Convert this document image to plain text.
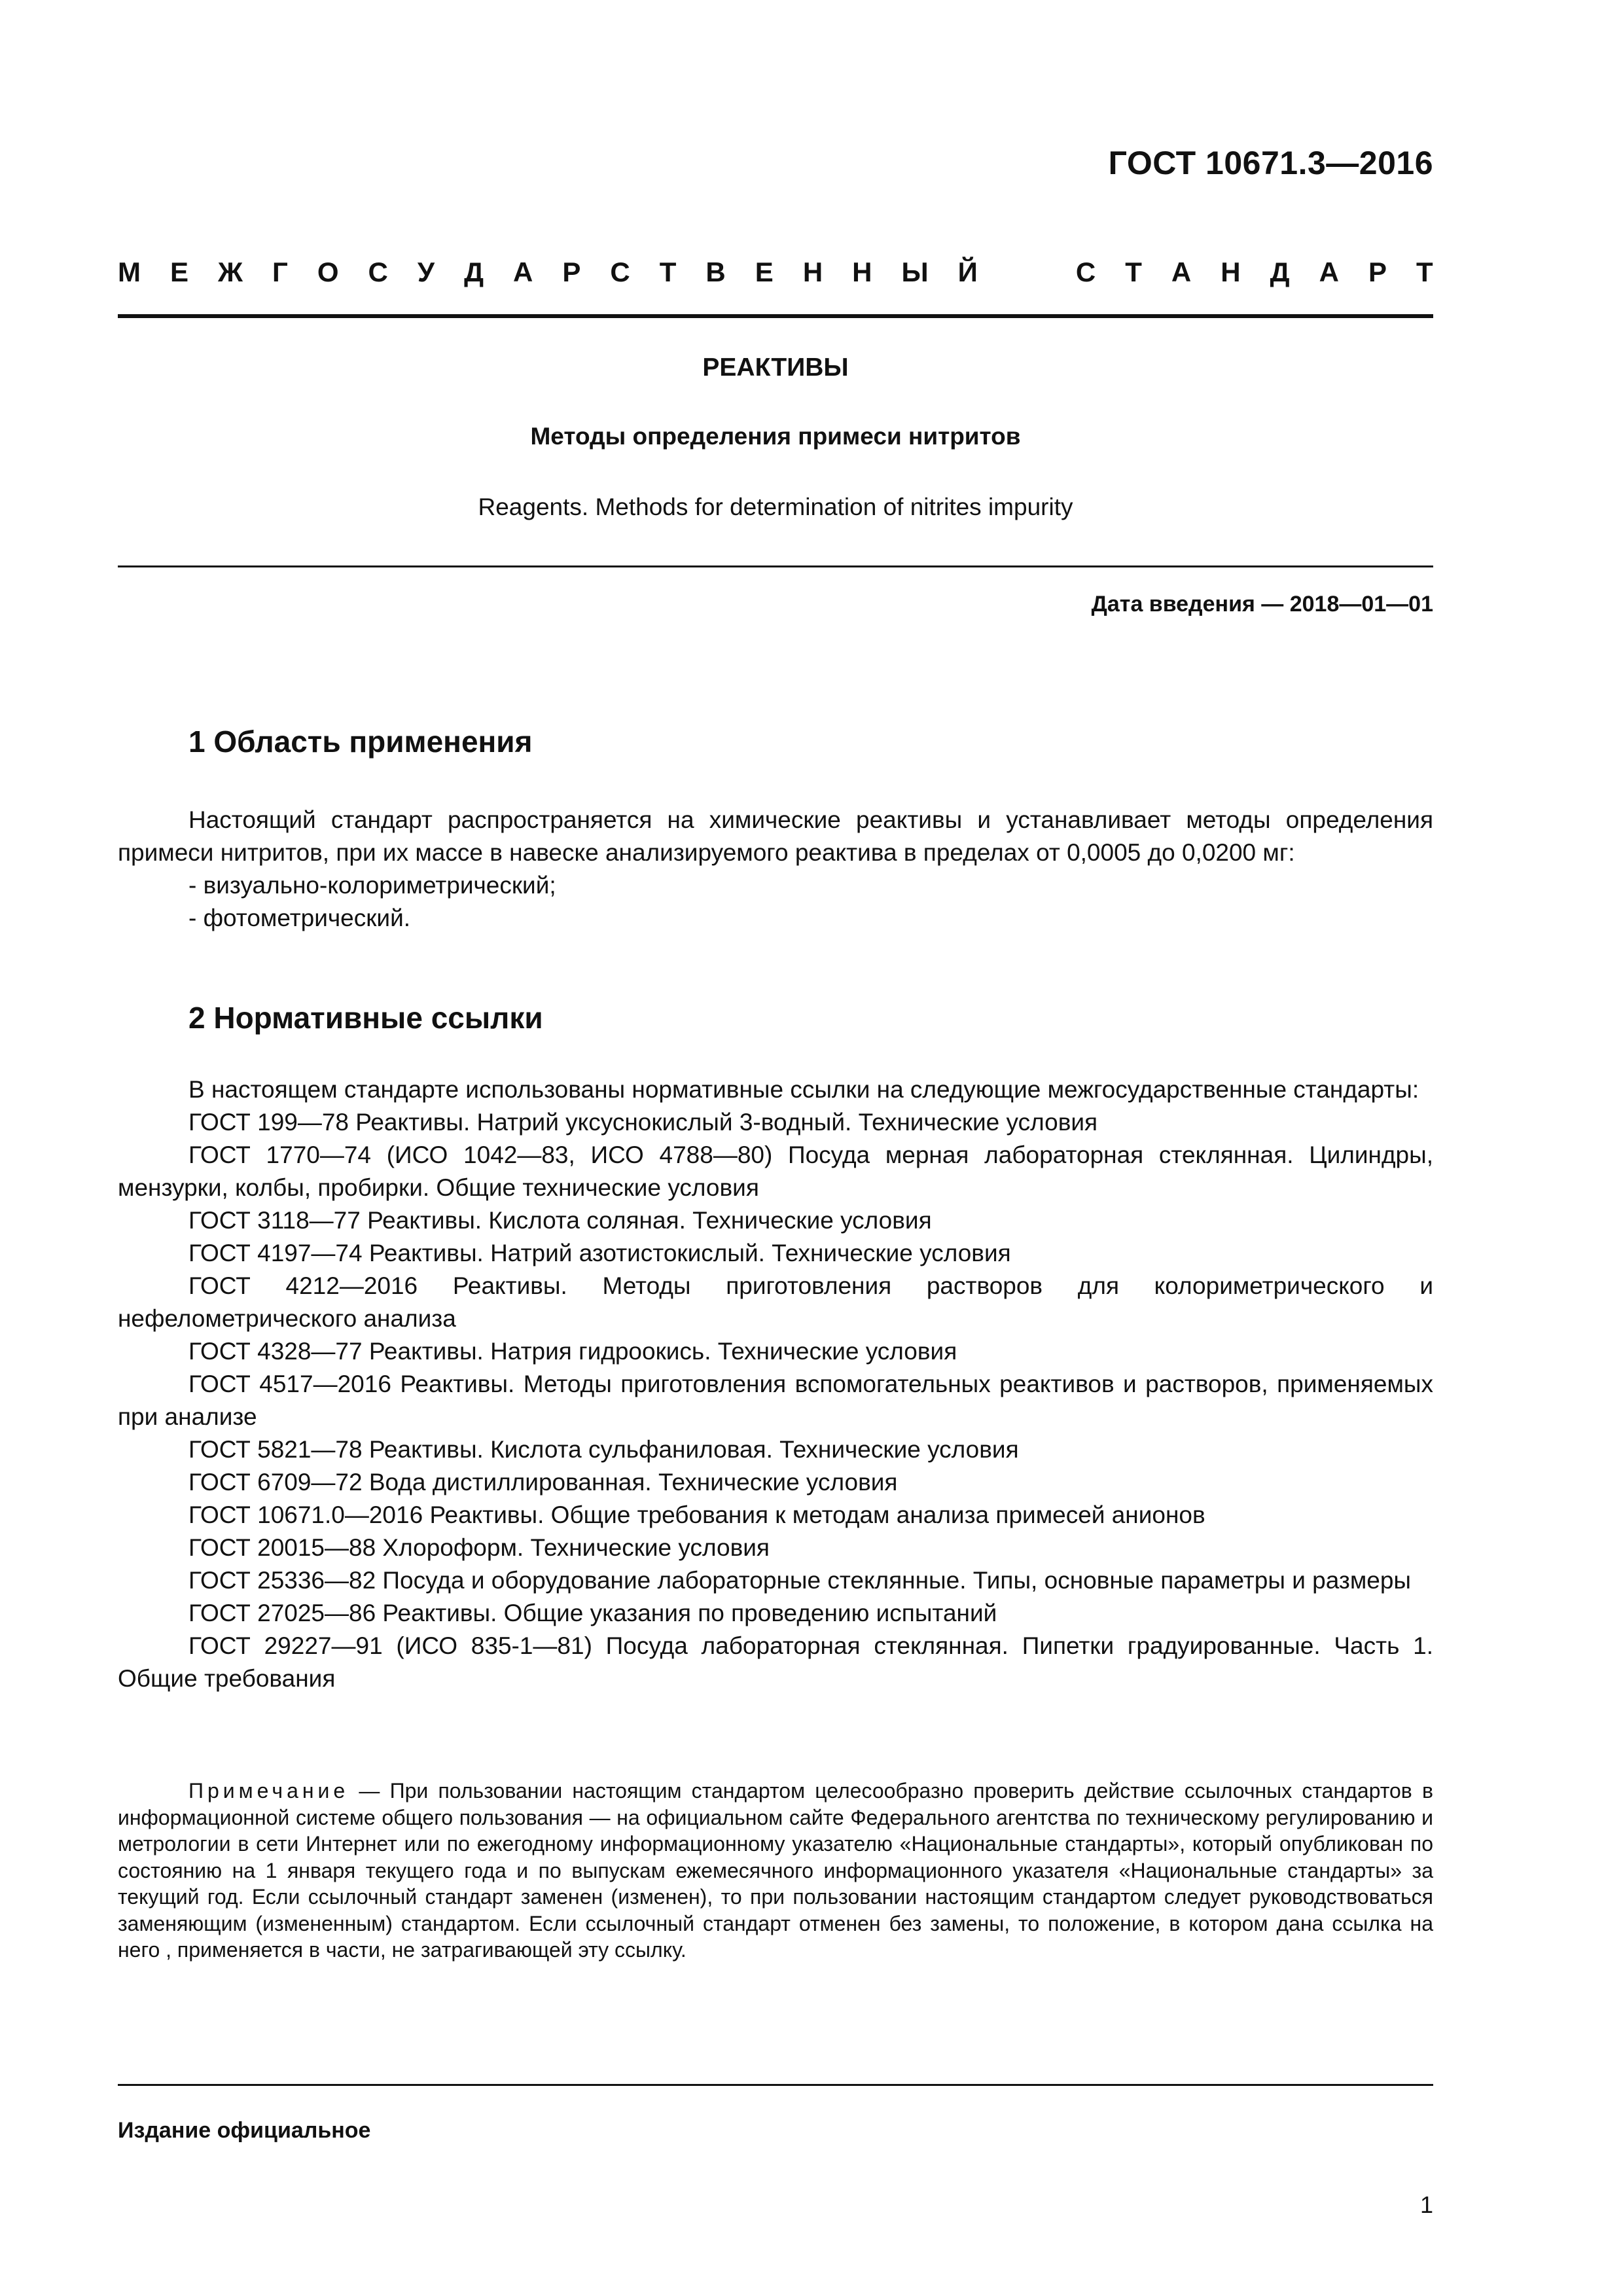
ГОСТ 10671.3—2016
М Е Ж Г О С У Д А Р С Т В Е Н Н Ы Й	С Т А Н Д А Р Т
РЕАКТИВЫ
Методы определения примеси нитритов
Reagents. Methods for determination of nitrites impurity
Дата введения — 2018—01—01
1 Область применения

Настоящий стандарт распространяется на химические реактивы и устанавливает методы определения примеси нитритов, при их массе в навеске анализируемого реактива в пределах от 0,0005 до 0,0200 мг:

- визуально-колориметрический;
- фотометрический.
2 Нормативные ссылки

В настоящем стандарте использованы нормативные ссылки на следующие межгосударственные стандарты:

ГОСТ 199—78 Реактивы. Натрий уксуснокислый 3-водный. Технические условия

ГОСТ 1770—74 (ИСО 1042—83, ИСО 4788—80) Посуда мерная лабораторная стеклянная. Цилиндры, мензурки, колбы, пробирки. Общие технические условия

ГОСТ 3118—77 Реактивы. Кислота соляная. Технические условия

ГОСТ 4197—74 Реактивы. Натрий азотистокислый. Технические условия

ГОСТ 4212—2016 Реактивы. Методы приготовления растворов для колориметрического и нефелометрического анализа

ГОСТ 4328—77 Реактивы. Натрия гидроокись. Технические условия

ГОСТ 4517—2016 Реактивы. Методы приготовления вспомогательных реактивов и растворов, применяемых при анализе

ГОСТ 5821—78 Реактивы. Кислота сульфаниловая. Технические условия

ГОСТ 6709—72 Вода дистиллированная. Технические условия

ГОСТ 10671.0—2016 Реактивы. Общие требования к методам анализа примесей анионов

ГОСТ 20015—88 Хлороформ. Технические условия

ГОСТ 25336—82 Посуда и оборудование лабораторные стеклянные. Типы, основные параметры и размеры

ГОСТ 27025—86 Реактивы. Общие указания по проведению испытаний

ГОСТ 29227—91 (ИСО 835-1—81) Посуда лабораторная стеклянная. Пипетки градуированные. Часть 1. Общие требования

Примечание — При пользовании настоящим стандартом целесообразно проверить действие ссылочных стандартов в информационной системе общего пользования — на официальном сайте Федерального агентства по техническому регулированию и метрологии в сети Интернет или по ежегодному информационному указателю «Национальные стандарты», который опубликован по состоянию на 1 января текущего года и по выпускам ежемесячного информационного указателя «Национальные стандарты» за текущий год. Если ссылочный стандарт заменен (изменен), то при пользовании настоящим стандартом следует руководствоваться заменяющим (измененным) стандартом. Если ссылочный стандарт отменен без замены, то положение, в котором дана ссылка на него , применяется в части, не затрагивающей эту ссылку.
Издание официальное
1
